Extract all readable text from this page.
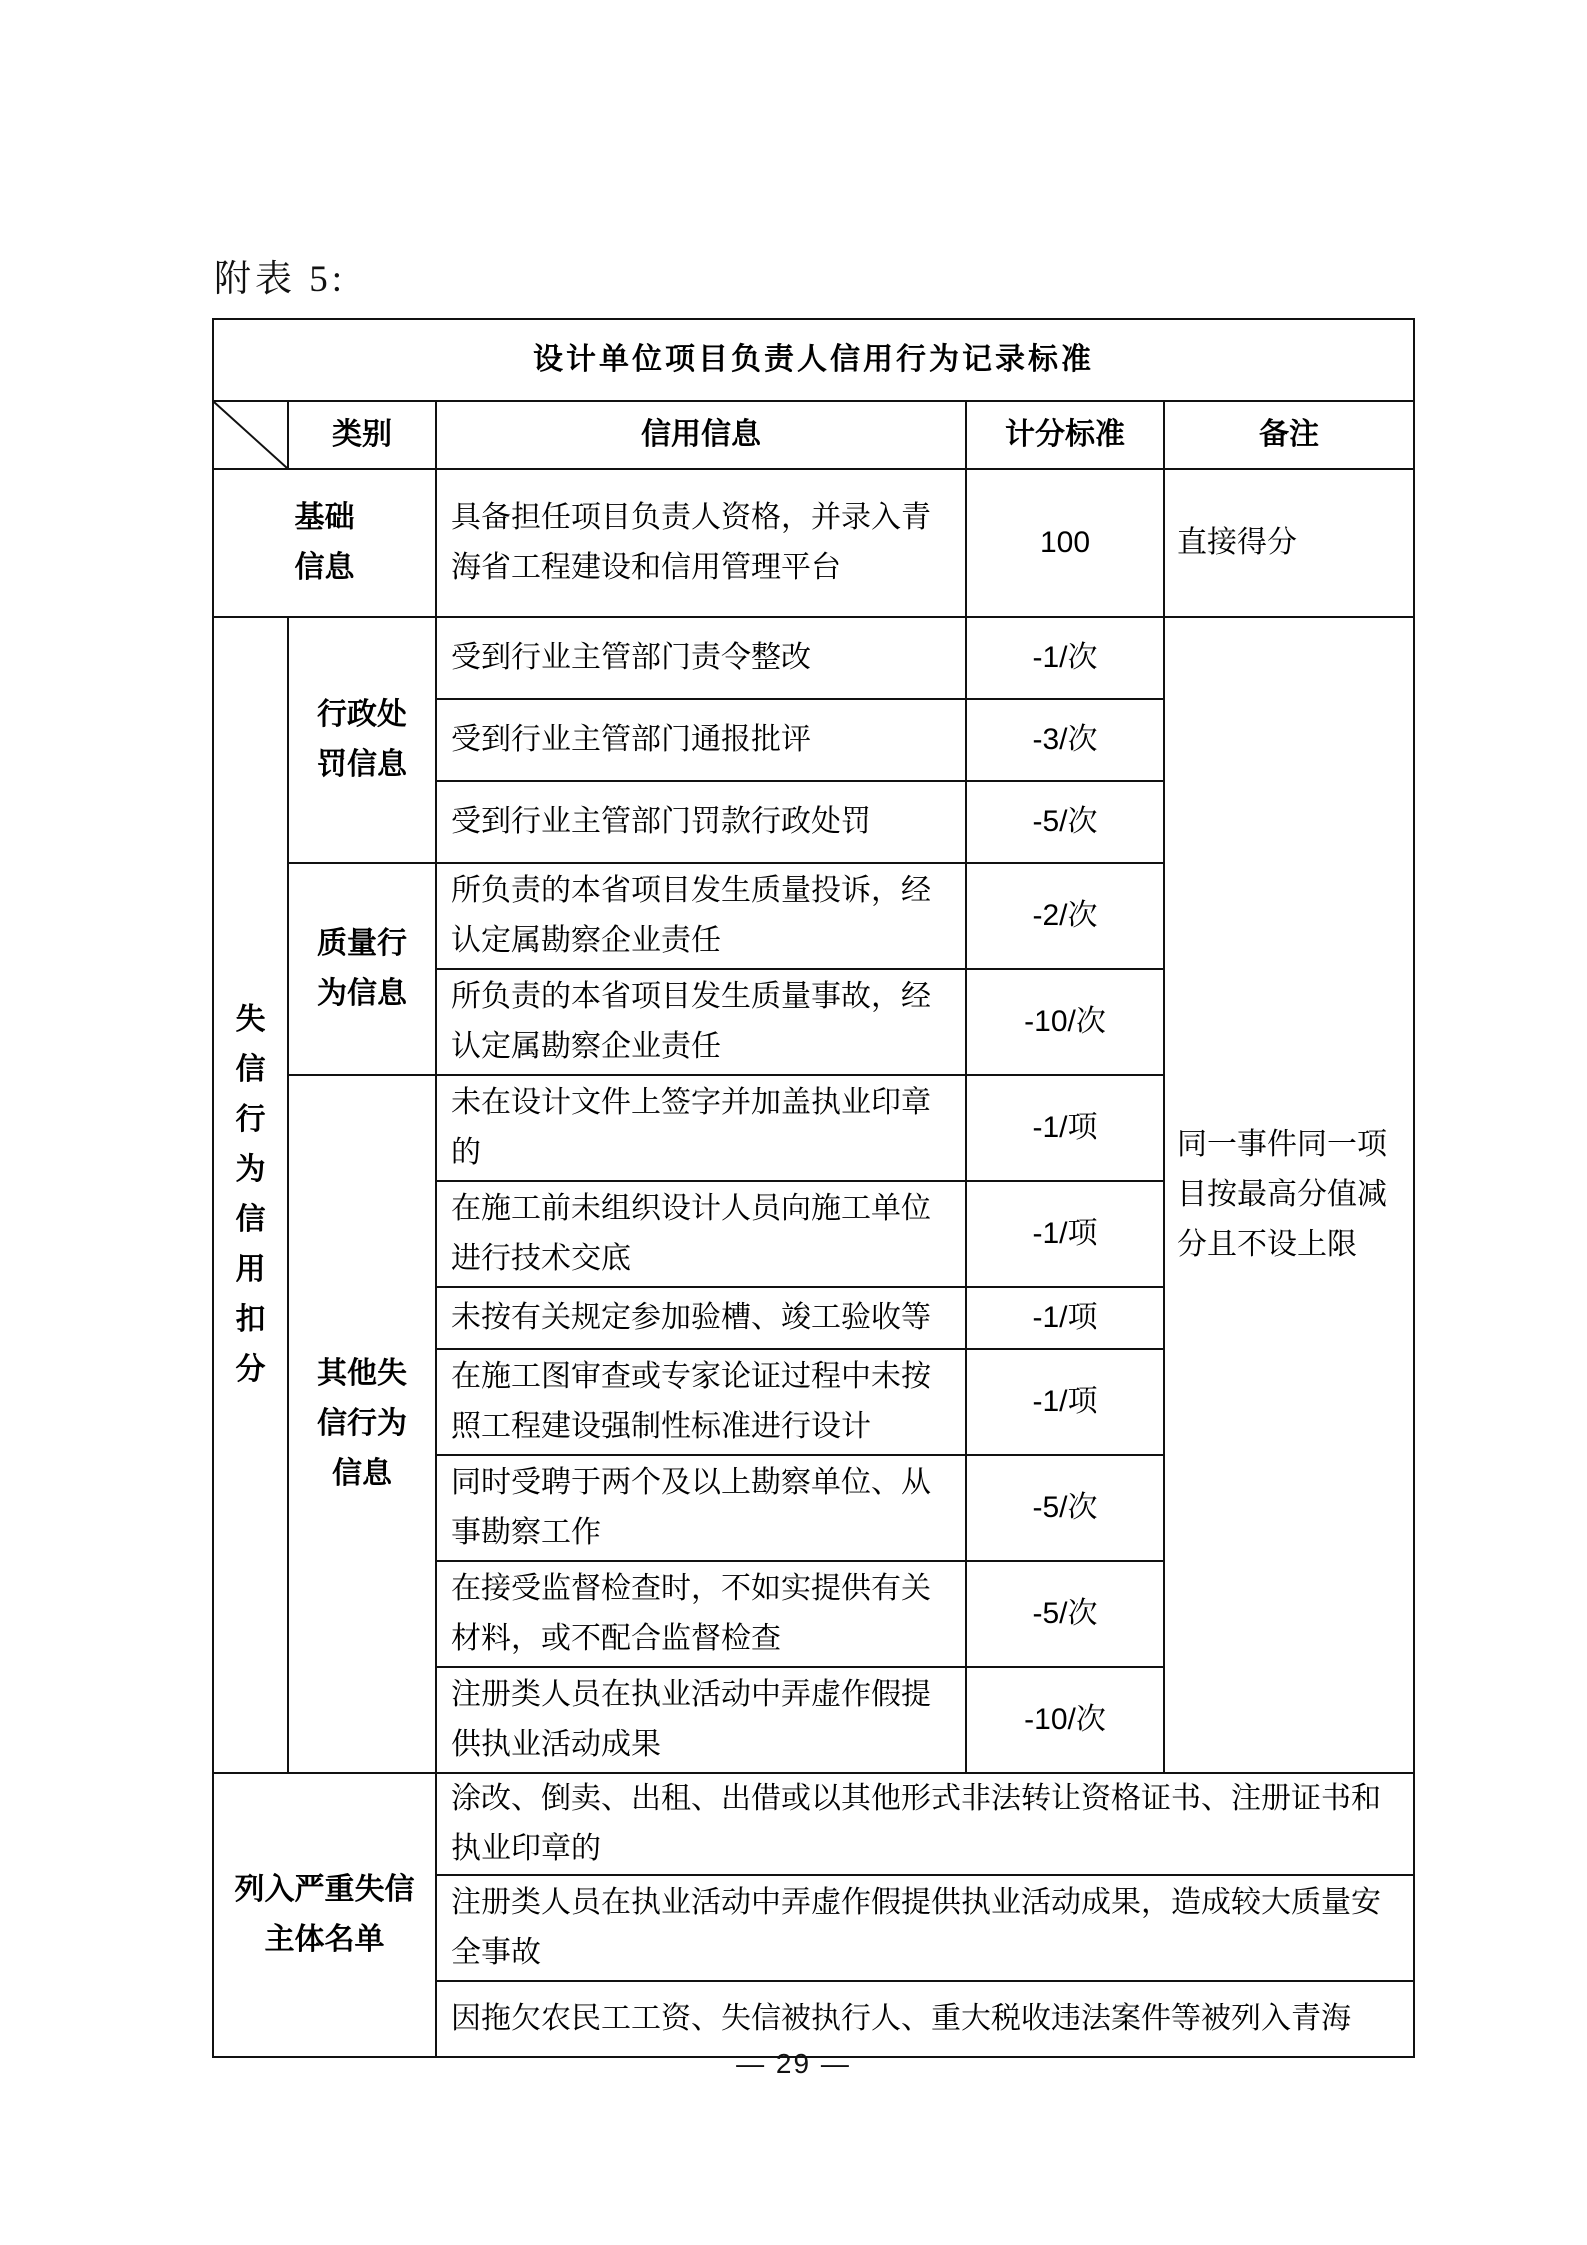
附表 5:
设计单位项目负责人信用行为记录标准				

	类别	信用信息	计分标准	备注
基础信息		具备担任项目负责人资格，并录入青海省工程建设和信用管理平台	100	直接得分

失
信
行
为
信
用
扣
分
	行政处罚信息	受到行业主管部门责令整改	-1/次	同一事件同一项目按最高分值减分且不设上限
		受到行业主管部门通报批评	-3/次	
		受到行业主管部门罚款行政处罚	-5/次	
	质量行为信息	所负责的本省项目发生质量投诉，经认定属勘察企业责任	-2/次	
		所负责的本省项目发生质量事故，经认定属勘察企业责任	-10/次	
	其他失信行为信息	未在设计文件上签字并加盖执业印章的	-1/项	
		在施工前未组织设计人员向施工单位进行技术交底	-1/项	
		未按有关规定参加验槽、竣工验收等	-1/项	
		在施工图审查或专家论证过程中未按照工程建设强制性标准进行设计	-1/项	
		同时受聘于两个及以上勘察单位、从事勘察工作	-5/次	
		在接受监督检查时，不如实提供有关材料，或不配合监督检查	-5/次	
		注册类人员在执业活动中弄虚作假提供执业活动成果	-10/次	
列入严重失信主体名单		涂改、倒卖、出租、出借或以其他形式非法转让资格证书、注册证书和执业印章的		
		注册类人员在执业活动中弄虚作假提供执业活动成果，造成较大质量安全事故		
		因拖欠农民工工资、失信被执行人、重大税收违法案件等被列入青海		
— 29 —
